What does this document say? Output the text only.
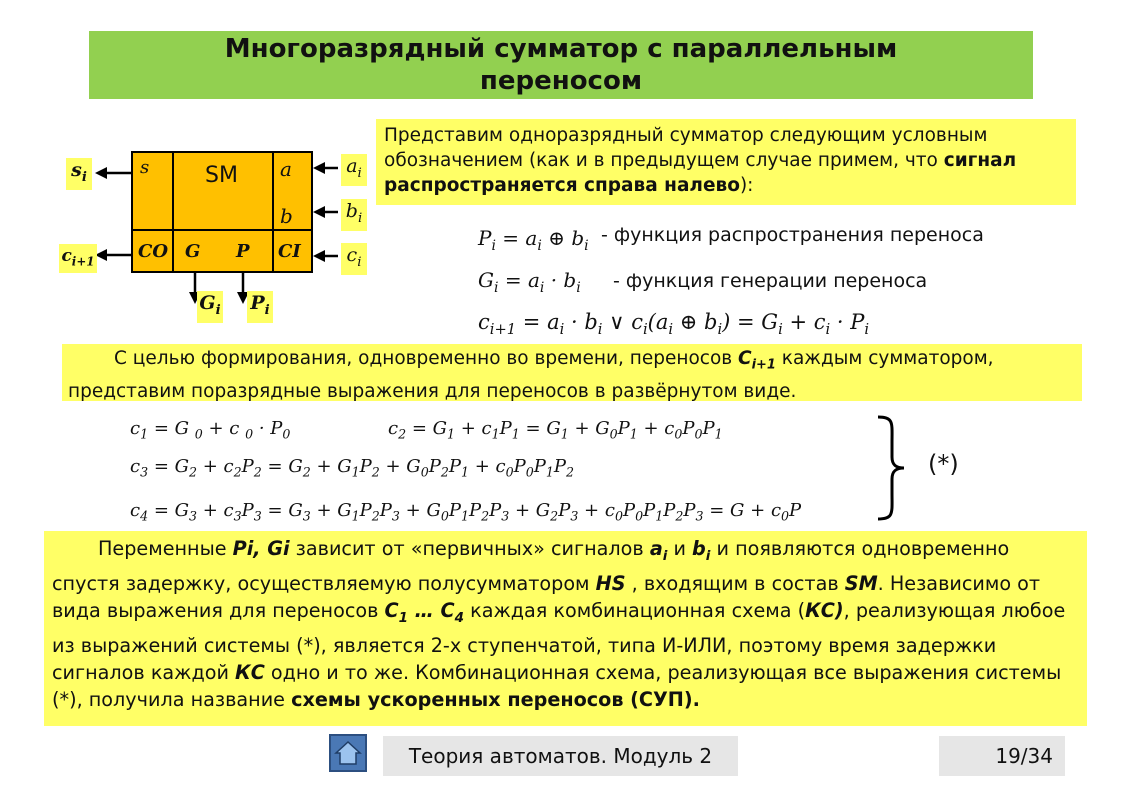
Многоразрядный сумматор с параллельным
переносом
Представим одноразрядный сумматор следующим условным обозначением (как и в предыдущем случае примем, что сигнал распространяется справа налево):
s	SM a
b
CO G P CI
$s_i$
$c_{i+1}$
$a_i$
$b_i$
$c_i$
$G_i$ $P_i$
$P_i = a_i$ ⊕ $b_i$ - функция распространения переноса
$G_i = a_i \cdot b_i$ - функция генерации переноса
$c_{i+1} = a_i \cdot b_i$ ∨ $c_i(a_i$ ⊕ $b_i) = G_i + c_i \cdot P_i$
С целью формирования, одновременно во времени, переносов $C_{i+1}$ каждым сумматором, представим поразрядные выражения для переносов в развёрнутом виде.
$c_1 = G$ $_0$ + c $_0 \cdot P_0$	$c_2 = G_1 + c_1P_1 = G_1 + G_0P_1 + c_0P_0P_1$
$c_3 = G_2 + c_2P_2 = G_2 + G_1P_2 + G_0P_2P_1 + c_0P_0P_1P_2$
$c_4 = G_3 + c_3P_3 = G_3 + G_1P_2P_3 + G_0P_1P_2P_3 + G_2P_3 + c_0P_0P_1P_2P_3 = G + c_0P$
(*)
Переменные Pi, Gi зависит от «первичных» сигналов $a_i$ и $b_i$ и появляются одновременно спустя задержку, осуществляемую полусумматором HS , входящим в состав SM. Независимо от вида выражения для переносов $C_1$ … $C_4$ каждая комбинационная схема (КС), реализующая любое из выражений системы (*), является 2-х ступенчатой, типа И-ИЛИ, поэтому время задержки сигналов каждой КС одно и то же. Комбинационная схема, реализующая все выражения системы (*), получила название схемы ускоренных переносов (СУП).
Теория автоматов. Модуль 2	19/34
